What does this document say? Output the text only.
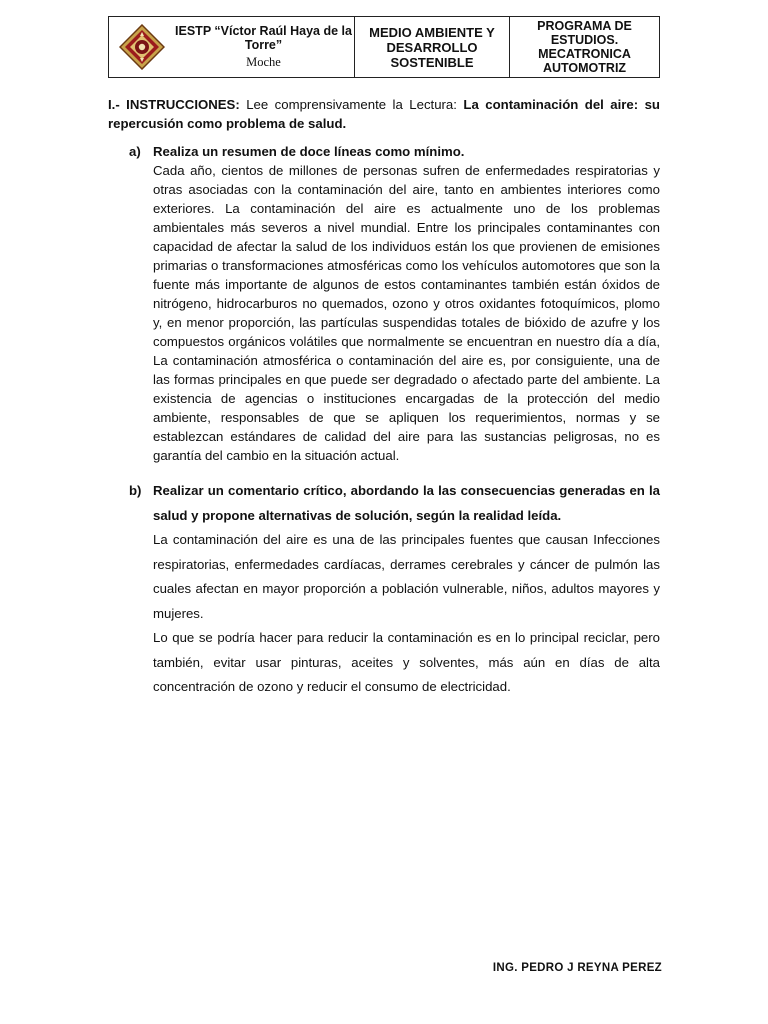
IESTP “Víctor Raúl Haya de la Torre”
Moche
MEDIO AMBIENTE Y
DESARROLLO
SOSTENIBLE
PROGRAMA DE
ESTUDIOS.
MECATRONICA
AUTOMOTRIZ

I.- INSTRUCCIONES: Lee comprensivamente la Lectura: La contaminación del aire: su repercusión como problema de salud.

a) Realiza un resumen de doce líneas como mínimo.

Cada año, cientos de millones de personas sufren de enfermedades respiratorias y otras asociadas con la contaminación del aire, tanto en ambientes interiores como exteriores. La contaminación del aire es actualmente uno de los problemas ambientales más severos a nivel mundial. Entre los principales contaminantes con capacidad de afectar la salud de los individuos están los que provienen de emisiones primarias o transformaciones atmosféricas como los vehículos automotores que son la fuente más importante de algunos de estos contaminantes también están óxidos de nitrógeno, hidrocarburos no quemados, ozono y otros oxidantes fotoquímicos, plomo y, en menor proporción, las partículas suspendidas totales de bióxido de azufre y los compuestos orgánicos volátiles que normalmente se encuentran en nuestro día a día, La contaminación atmosférica o contaminación del aire es, por consiguiente, una de las formas principales en que puede ser degradado o afectado parte del ambiente. La existencia de agencias o instituciones encargadas de la protección del medio ambiente, responsables de que se apliquen los requerimientos, normas y se establezcan estándares de calidad del aire para las sustancias peligrosas, no es garantía del cambio en la situación actual.

b) Realizar un comentario crítico, abordando la las consecuencias generadas en la salud y propone alternativas de solución, según la realidad leída.

La contaminación del aire es una de las principales fuentes que causan Infecciones respiratorias, enfermedades cardíacas, derrames cerebrales y cáncer de pulmón las cuales afectan en mayor proporción a población vulnerable, niños, adultos mayores y mujeres.

Lo que se podría hacer para reducir la contaminación es en lo principal reciclar, pero también, evitar usar pinturas, aceites y solventes, más aún en días de alta concentración de ozono y reducir el consumo de electricidad.

ING. PEDRO J REYNA PEREZ
